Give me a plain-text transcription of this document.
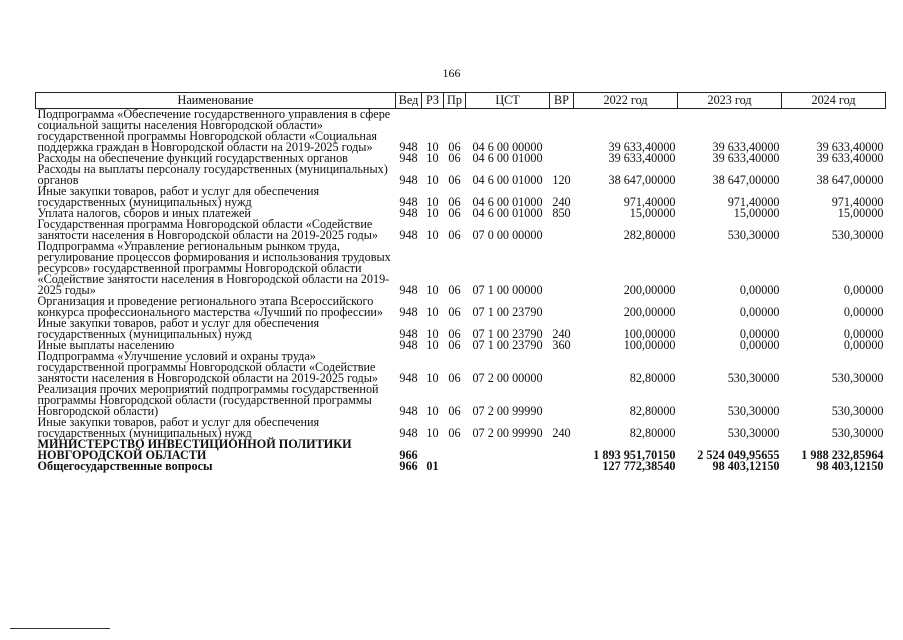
166
Наименование	Вед	РЗ	Пр	ЦСТ	ВР	2022 год	2023 год	2024 год
Подпрограмма «Обеспечение государственного управления в сфере социальной защиты населения Новгородской области» государственной программы Новгородской области «Социальная поддержка граждан в Новгородской области на 2019-2025 годы»	948	10	06	04 6 00 00000		39 633,40000	39 633,40000	39 633,40000
Расходы на обеспечение функций государственных органов	948	10	06	04 6 00 01000		39 633,40000	39 633,40000	39 633,40000
Расходы на выплаты персоналу государственных (муниципальных) органов	948	10	06	04 6 00 01000	120	38 647,00000	38 647,00000	38 647,00000
Иные закупки товаров, работ и услуг для обеспечения государственных (муниципальных) нужд	948	10	06	04 6 00 01000	240	971,40000	971,40000	971,40000
Уплата налогов, сборов и иных платежей	948	10	06	04 6 00 01000	850	15,00000	15,00000	15,00000
Государственная программа Новгородской области «Содействие занятости населения в Новгородской области на 2019-2025 годы»	948	10	06	07 0 00 00000		282,80000	530,30000	530,30000
Подпрограмма «Управление региональным рынком труда, регулирование процессов формирования и использования трудовых ресурсов» государственной программы Новгородской области «Содействие занятости населения в Новгородской области на 2019-2025 годы»	948	10	06	07 1 00 00000		200,00000	0,00000	0,00000
Организация и проведение регионального этапа Всероссийского конкурса профессионального мастерства «Лучший по профессии»	948	10	06	07 1 00 23790		200,00000	0,00000	0,00000
Иные закупки товаров, работ и услуг для обеспечения государственных (муниципальных) нужд	948	10	06	07 1 00 23790	240	100,00000	0,00000	0,00000
Иные выплаты населению	948	10	06	07 1 00 23790	360	100,00000	0,00000	0,00000
Подпрограмма «Улучшение условий и охраны труда» государственной программы Новгородской области «Содействие занятости населения в Новгородской области на 2019-2025 годы»	948	10	06	07 2 00 00000		82,80000	530,30000	530,30000
Реализация прочих мероприятий подпрограммы государственной программы Новгородской области (государственной программы Новгородской области)	948	10	06	07 2 00 99990		82,80000	530,30000	530,30000
Иные закупки товаров, работ и услуг для обеспечения государственных (муниципальных) нужд	948	10	06	07 2 00 99990	240	82,80000	530,30000	530,30000
МИНИСТЕРСТВО ИНВЕСТИЦИОННОЙ ПОЛИТИКИ НОВГОРОДСКОЙ ОБЛАСТИ	966					1 893 951,70150	2 524 049,95655	1 988 232,85964
Общегосударственные вопросы	966	01				127 772,38540	98 403,12150	98 403,12150
